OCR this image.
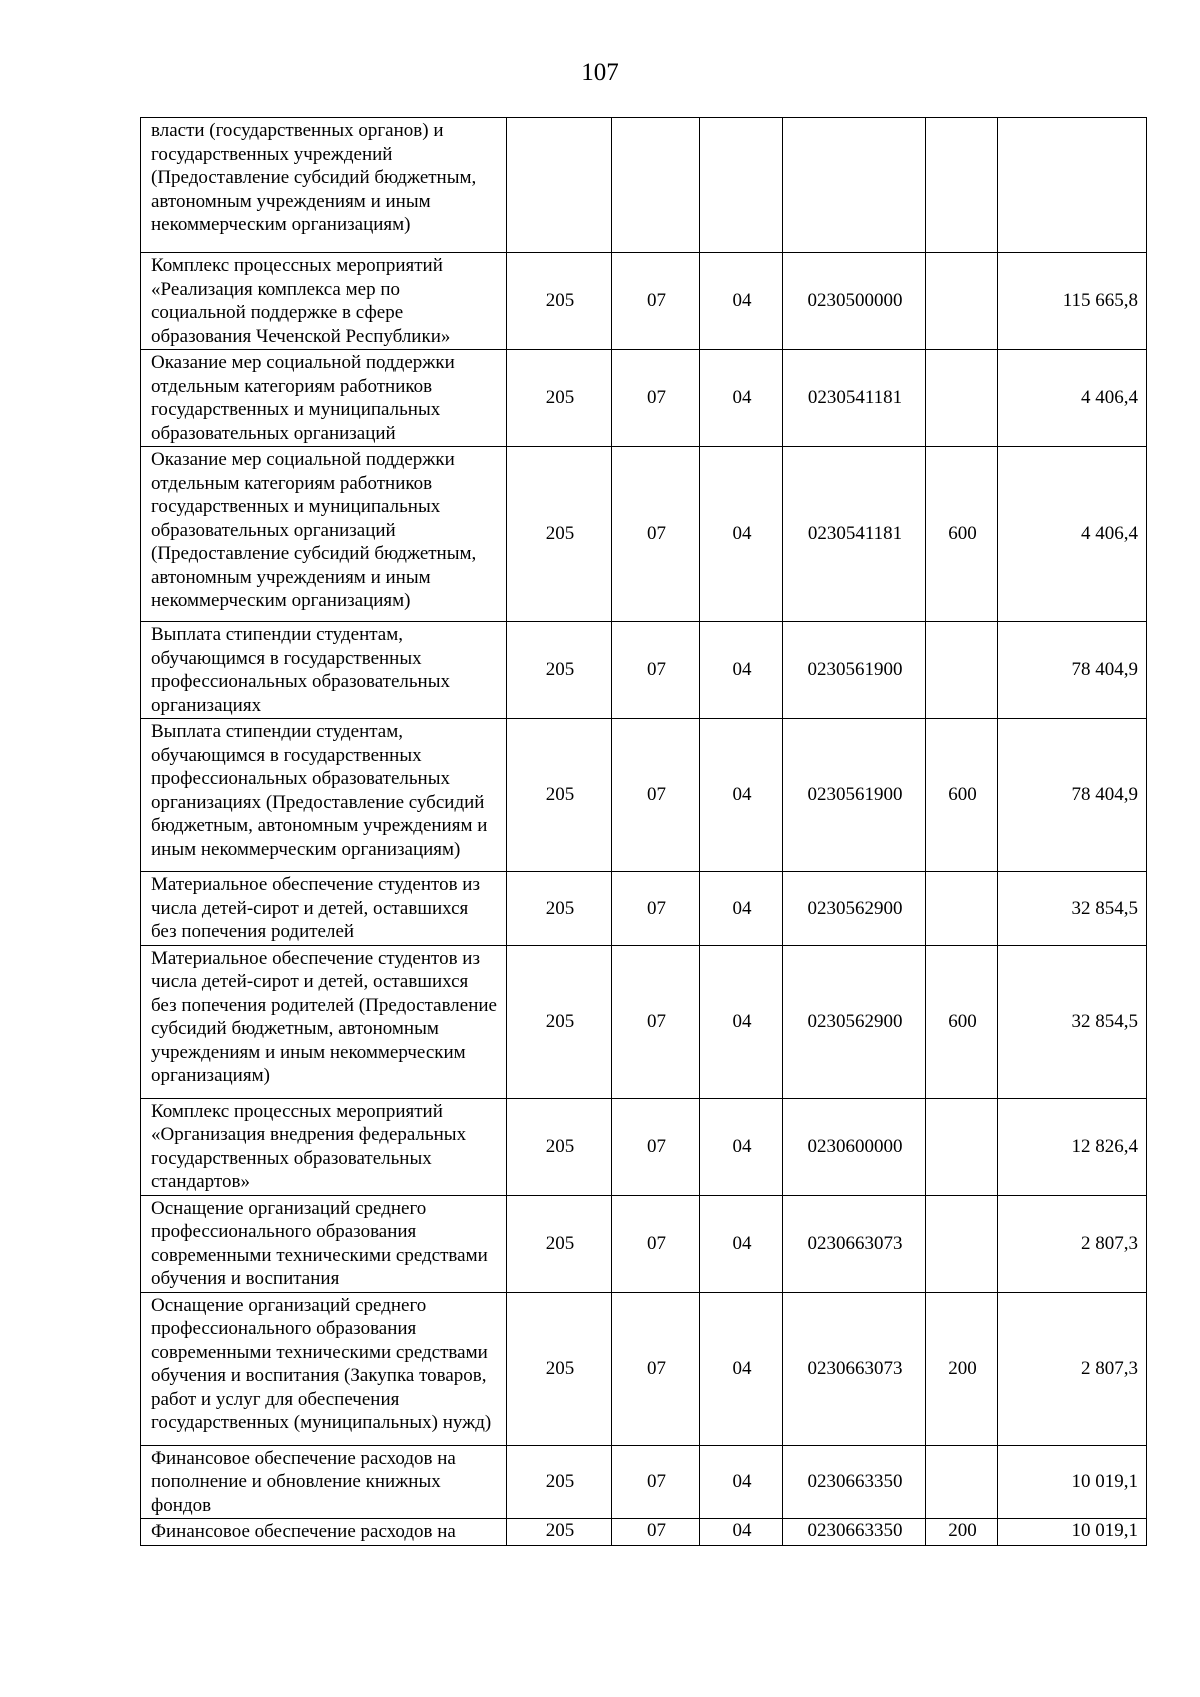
107
власти (государственных органов) и государственных учреждений (Предоставление субсидий бюджетным, автономным учреждениям и иным некоммерческим организациям)						
Комплекс процессных мероприятий «Реализация комплекса мер по социальной поддержке в сфере образования Чеченской Республики»	205	07	04	0230500000		115 665,8
Оказание мер социальной поддержки отдельным категориям работников государственных и муниципальных образовательных организаций	205	07	04	0230541181		4 406,4
Оказание мер социальной поддержки отдельным категориям работников государственных и муниципальных образовательных организаций (Предоставление субсидий бюджетным, автономным учреждениям и иным некоммерческим организациям)	205	07	04	0230541181	600	4 406,4
Выплата стипендии студентам, обучающимся в государственных профессиональных образовательных организациях	205	07	04	0230561900		78 404,9
Выплата стипендии студентам, обучающимся в государственных профессиональных образовательных организациях (Предоставление субсидий бюджетным, автономным учреждениям и иным некоммерческим организациям)	205	07	04	0230561900	600	78 404,9
Материальное обеспечение студентов из числа детей-сирот и детей, оставшихся без попечения родителей	205	07	04	0230562900		32 854,5
Материальное обеспечение студентов из числа детей-сирот и детей, оставшихся без попечения родителей (Предоставление субсидий бюджетным, автономным учреждениям и иным некоммерческим организациям)	205	07	04	0230562900	600	32 854,5
Комплекс процессных мероприятий «Организация внедрения федеральных государственных образовательных стандартов»	205	07	04	0230600000		12 826,4
Оснащение организаций среднего профессионального образования современными техническими средствами обучения и воспитания	205	07	04	0230663073		2 807,3
Оснащение организаций среднего профессионального образования современными техническими средствами обучения и воспитания (Закупка товаров, работ и услуг для обеспечения государственных (муниципальных) нужд)	205	07	04	0230663073	200	2 807,3
Финансовое обеспечение расходов на пополнение и обновление книжных фондов	205	07	04	0230663350		10 019,1
Финансовое обеспечение расходов на	205	07	04	0230663350	200	10 019,1
